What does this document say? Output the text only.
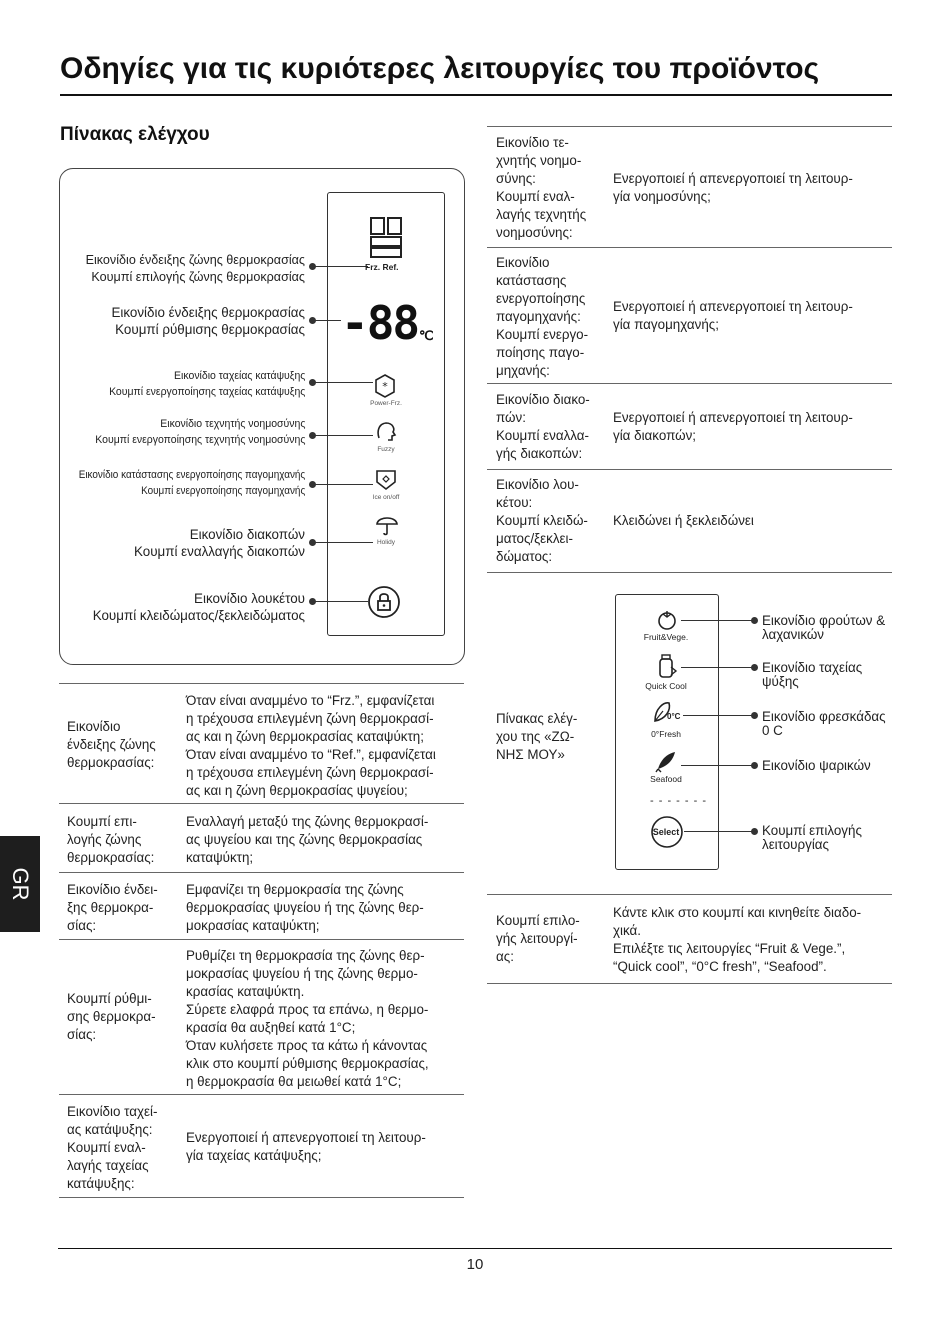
Οδηγίες για τις κυριότερες λειτουργίες του προϊόντος
Πίνακας ελέγχου
GR
Εικονίδιο ένδειξης ζώνης θερμοκρασίας
Κουμπί επιλογής ζώνης θερμοκρασίας
Εικονίδιο ένδειξης θερμοκρασίας
Κουμπί ρύθμισης θερμοκρασίας
Εικονίδιο ταχείας κατάψυξης
Κουμπί ενεργοποίησης ταχείας κατάψυξης
Εικονίδιο τεχνητής νοημοσύνης
Κουμπί ενεργοποίησης τεχνητής νοημοσύνης
Εικονίδιο κατάστασης ενεργοποίησης παγομηχανής
Κουμπί ενεργοποίησης παγομηχανής
Εικονίδιο διακοπών
Κουμπί εναλλαγής διακοπών
Εικονίδιο λουκέτου
Κουμπί κλειδώματος/ξεκλειδώματος
Frz. Ref.
-88 ℃
*
Power-Frz.
Fuzzy
Ice on/off
Holidy
Εικονίδιο
ένδειξης ζώνης
θερμοκρασίας:
Όταν είναι αναμμένο το “Frz.”, εμφανίζεται
η τρέχουσα επιλεγμένη ζώνη θερμοκρασί-
ας και η ζώνη θερμοκρασίας καταψύκτη;
Όταν είναι αναμμένο το “Ref.”, εμφανίζεται
η τρέχουσα επιλεγμένη ζώνη θερμοκρασί-
ας και η ζώνη θερμοκρασίας ψυγείου;
Κουμπί επι-
λογής ζώνης
θερμοκρασίας:
Εναλλαγή μεταξύ της ζώνης θερμοκρασί-
ας ψυγείου και της ζώνης θερμοκρασίας
καταψύκτη;
Εικονίδιο ένδει-
ξης θερμοκρα-
σίας:
Εμφανίζει τη θερμοκρασία της ζώνης
θερμοκρασίας ψυγείου ή της ζώνης θερ-
μοκρασίας καταψύκτη;
Κουμπί ρύθμι-
σης θερμοκρα-
σίας:
Ρυθμίζει τη θερμοκρασία της ζώνης θερ-
μοκρασίας ψυγείου ή της ζώνης θερμο-
κρασίας καταψύκτη.
Σύρετε ελαφρά προς τα επάνω, η θερμο-
κρασία θα αυξηθεί κατά 1°C;
Όταν κυλήσετε προς τα κάτω ή κάνοντας
κλικ στο κουμπί ρύθμισης θερμοκρασίας,
η θερμοκρασία θα μειωθεί κατά 1°C;
Εικονίδιο ταχεί-
ας κατάψυξης:
Κουμπί εναλ-
λαγής ταχείας
κατάψυξης:
Ενεργοποιεί ή απενεργοποιεί τη λειτουρ-
γία ταχείας κατάψυξης;
Εικονίδιο τε-
χνητής νοημο-
σύνης:
Κουμπί εναλ-
λαγής τεχνητής
νοημοσύνης:
Ενεργοποιεί ή απενεργοποιεί τη λειτουρ-
γία νοημοσύνης;
Εικονίδιο
κατάστασης
ενεργοποίησης
παγομηχανής:
Κουμπί ενεργο-
ποίησης παγο-
μηχανής:
Ενεργοποιεί ή απενεργοποιεί τη λειτουρ-
γία παγομηχανής;
Εικονίδιο διακο-
πών:
Κουμπί εναλλα-
γής διακοπών:
Ενεργοποιεί ή απενεργοποιεί τη λειτουρ-
γία διακοπών;
Εικονίδιο λου-
κέτου:
Κουμπί κλειδώ-
ματος/ξεκλει-
δώματος:
Κλειδώνει ή ξεκλειδώνει
Πίνακας ελέγ-
χου της «ΖΩ-
ΝΗΣ ΜΟΥ»
Fruit&Vege.
Quick Cool
0°C
0°Fresh
Seafood
- - - - - - -
Select
Εικονίδιο φρούτων &
λαχανικών
Εικονίδιο ταχείας
ψύξης
Εικονίδιο φρεσκάδας
0 C
Εικονίδιο ψαρικών
Κουμπί επιλογής
λειτουργίας
Κουμπί επιλο-
γής λειτουργί-
ας:
Κάντε κλικ στο κουμπί και κινηθείτε διαδο-
χικά.
Επιλέξτε τις λειτουργίες “Fruit & Vege.”,
“Quick cool”, “0°C fresh”, “Seafood”.
10
